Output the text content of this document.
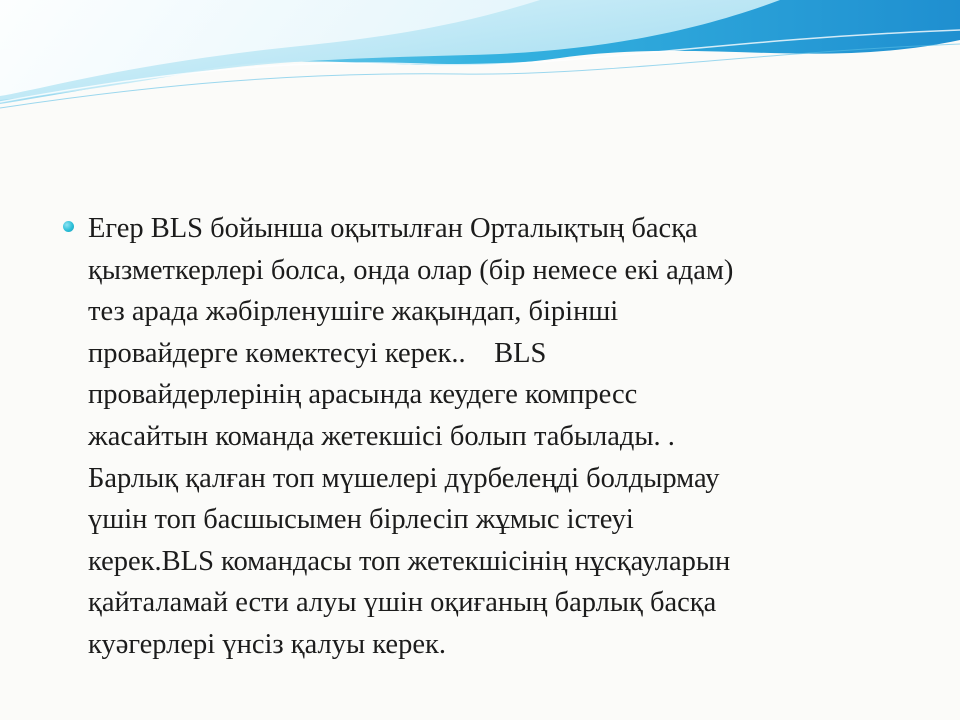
Егер BLS бойынша оқытылған Орталықтың басқа
қызметкерлері болса, онда олар (бір немесе екі адам)
тез арада жәбірленушіге жақындап, бірінші
провайдерге көмектесуі керек..    BLS
провайдерлерінің арасында кеудеге компресс
жасайтын команда жетекшісі болып табылады. .
Барлық қалған топ мүшелері дүрбелеңді болдырмау
үшін топ басшысымен бірлесіп жұмыс істеуі
керек.BLS командасы топ жетекшісінің нұсқауларын
қайталамай ести алуы үшін оқиғаның барлық басқа
куәгерлері үнсіз қалуы керек.
